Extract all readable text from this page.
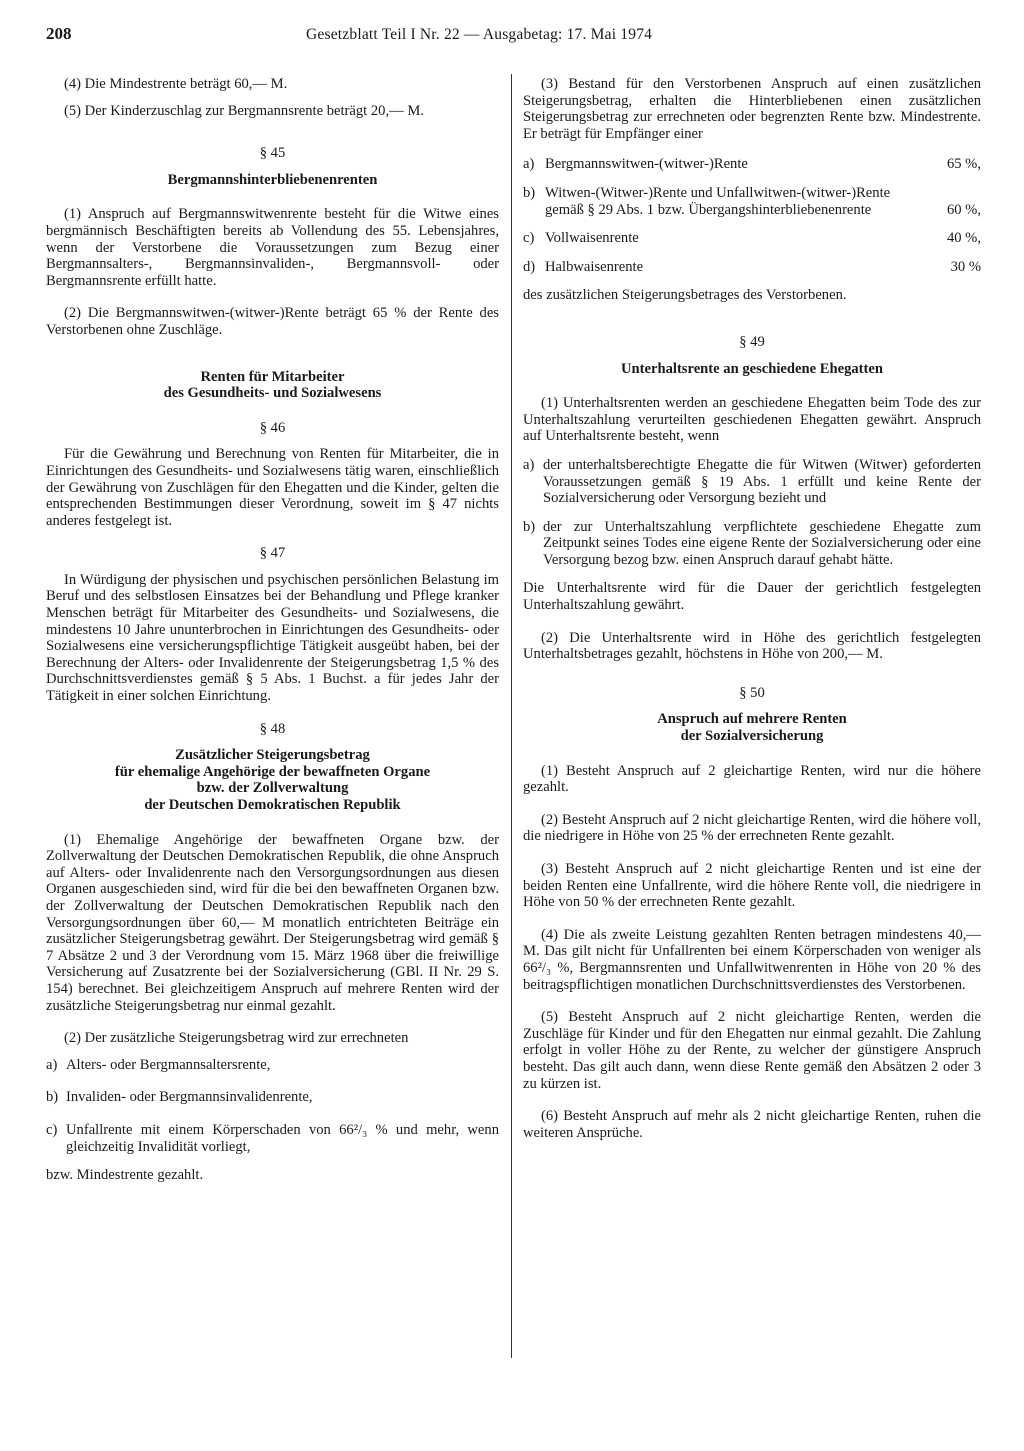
208	Gesetzblatt Teil I Nr. 22 — Ausgabetag: 17. Mai 1974

(4) Die Mindestrente beträgt 60,— M.

(5) Der Kinderzuschlag zur Bergmannsrente beträgt 20,— M.

§ 45

Bergmannshinterbliebenenrenten

(1) Anspruch auf Bergmannswitwenrente besteht für die Witwe eines bergmännisch Beschäftigten bereits ab Vollendung des 55. Lebensjahres, wenn der Verstorbene die Voraussetzungen zum Bezug einer Bergmannsalters-, Bergmannsinvaliden-, Bergmannsvoll- oder Bergmannsrente erfüllt hatte.

(2) Die Bergmannswitwen-(witwer-)Rente beträgt 65 % der Rente des Verstorbenen ohne Zuschläge.

Renten für Mitarbeiter

des Gesundheits- und Sozialwesens

§ 46

Für die Gewährung und Berechnung von Renten für Mitarbeiter, die in Einrichtungen des Gesundheits- und Sozialwesens tätig waren, einschließlich der Gewährung von Zuschlägen für den Ehegatten und die Kinder, gelten die entsprechenden Bestimmungen dieser Verordnung, soweit im § 47 nichts anderes festgelegt ist.

§ 47

In Würdigung der physischen und psychischen persönlichen Belastung im Beruf und des selbstlosen Einsatzes bei der Behandlung und Pflege kranker Menschen beträgt für Mitarbeiter des Gesundheits- und Sozialwesens, die mindestens 10 Jahre ununterbrochen in Einrichtungen des Gesundheits- oder Sozialwesens eine versicherungspflichtige Tätigkeit ausgeübt haben, bei der Berechnung der Alters- oder Invalidenrente der Steigerungsbetrag 1,5 % des Durchschnittsverdienstes gemäß § 5 Abs. 1 Buchst. a für jedes Jahr der Tätigkeit in einer solchen Einrichtung.

§ 48

Zusätzlicher Steigerungsbetrag

für ehemalige Angehörige der bewaffneten Organe

bzw. der Zollverwaltung

der Deutschen Demokratischen Republik

(1) Ehemalige Angehörige der bewaffneten Organe bzw. der Zollverwaltung der Deutschen Demokratischen Republik, die ohne Anspruch auf Alters- oder Invalidenrente nach den Versorgungsordnungen aus diesen Organen ausgeschieden sind, wird für die bei den bewaffneten Organen bzw. der Zollverwaltung der Deutschen Demokratischen Republik nach den Versorgungsordnungen über 60,— M monatlich entrichteten Beiträge ein zusätzlicher Steigerungsbetrag gewährt. Der Steigerungsbetrag wird gemäß § 7 Absätze 2 und 3 der Verordnung vom 15. März 1968 über die freiwillige Versicherung auf Zusatzrente bei der Sozialversicherung (GBl. II Nr. 29 S. 154) berechnet. Bei gleichzeitigem Anspruch auf mehrere Renten wird der zusätzliche Steigerungsbetrag nur einmal gezahlt.

(2) Der zusätzliche Steigerungsbetrag wird zur errechneten

a) Alters- oder Bergmannsaltersrente,
b) Invaliden- oder Bergmannsinvalidenrente,
c) Unfallrente mit einem Körperschaden von 66²/₃ % und mehr, wenn gleichzeitig Invalidität vorliegt,

bzw. Mindestrente gezahlt.

(3) Bestand für den Verstorbenen Anspruch auf einen zusätzlichen Steigerungsbetrag, erhalten die Hinterbliebenen einen zusätzlichen Steigerungsbetrag zur errechneten oder begrenzten Rente bzw. Mindestrente. Er beträgt für Empfänger einer

a) Bergmannswitwen-(witwer-)Rente	65 %,
b) Witwen-(Witwer-)Rente und Unfallwitwen-(witwer-)Rente gemäß § 29 Abs. 1 bzw. Übergangshinterbliebenenrente	60 %,
c) Vollwaisenrente	40 %,
d) Halbwaisenrente	30 %

des zusätzlichen Steigerungsbetrages des Verstorbenen.

§ 49

Unterhaltsrente an geschiedene Ehegatten

(1) Unterhaltsrenten werden an geschiedene Ehegatten beim Tode des zur Unterhaltszahlung verurteilten geschiedenen Ehegatten gewährt. Anspruch auf Unterhaltsrente besteht, wenn

a) der unterhaltsberechtigte Ehegatte die für Witwen (Witwer) geforderten Voraussetzungen gemäß § 19 Abs. 1 erfüllt und keine Rente der Sozialversicherung oder Versorgung bezieht und
b) der zur Unterhaltszahlung verpflichtete geschiedene Ehegatte zum Zeitpunkt seines Todes eine eigene Rente der Sozialversicherung oder eine Versorgung bezog bzw. einen Anspruch darauf gehabt hätte.

Die Unterhaltsrente wird für die Dauer der gerichtlich festgelegten Unterhaltszahlung gewährt.

(2) Die Unterhaltsrente wird in Höhe des gerichtlich festgelegten Unterhaltsbetrages gezahlt, höchstens in Höhe von 200,— M.

§ 50

Anspruch auf mehrere Renten

der Sozialversicherung

(1) Besteht Anspruch auf 2 gleichartige Renten, wird nur die höhere gezahlt.

(2) Besteht Anspruch auf 2 nicht gleichartige Renten, wird die höhere voll, die niedrigere in Höhe von 25 % der errechneten Rente gezahlt.

(3) Besteht Anspruch auf 2 nicht gleichartige Renten und ist eine der beiden Renten eine Unfallrente, wird die höhere Rente voll, die niedrigere in Höhe von 50 % der errechneten Rente gezahlt.

(4) Die als zweite Leistung gezahlten Renten betragen mindestens 40,— M. Das gilt nicht für Unfallrenten bei einem Körperschaden von weniger als 66²/₃ %, Bergmannsrenten und Unfallwitwenrenten in Höhe von 20 % des beitragspflichtigen monatlichen Durchschnittsverdienstes des Verstorbenen.

(5) Besteht Anspruch auf 2 nicht gleichartige Renten, werden die Zuschläge für Kinder und für den Ehegatten nur einmal gezahlt. Die Zahlung erfolgt in voller Höhe zu der Rente, zu welcher der günstigere Anspruch besteht. Das gilt auch dann, wenn diese Rente gemäß den Absätzen 2 oder 3 zu kürzen ist.

(6) Besteht Anspruch auf mehr als 2 nicht gleichartige Renten, ruhen die weiteren Ansprüche.
